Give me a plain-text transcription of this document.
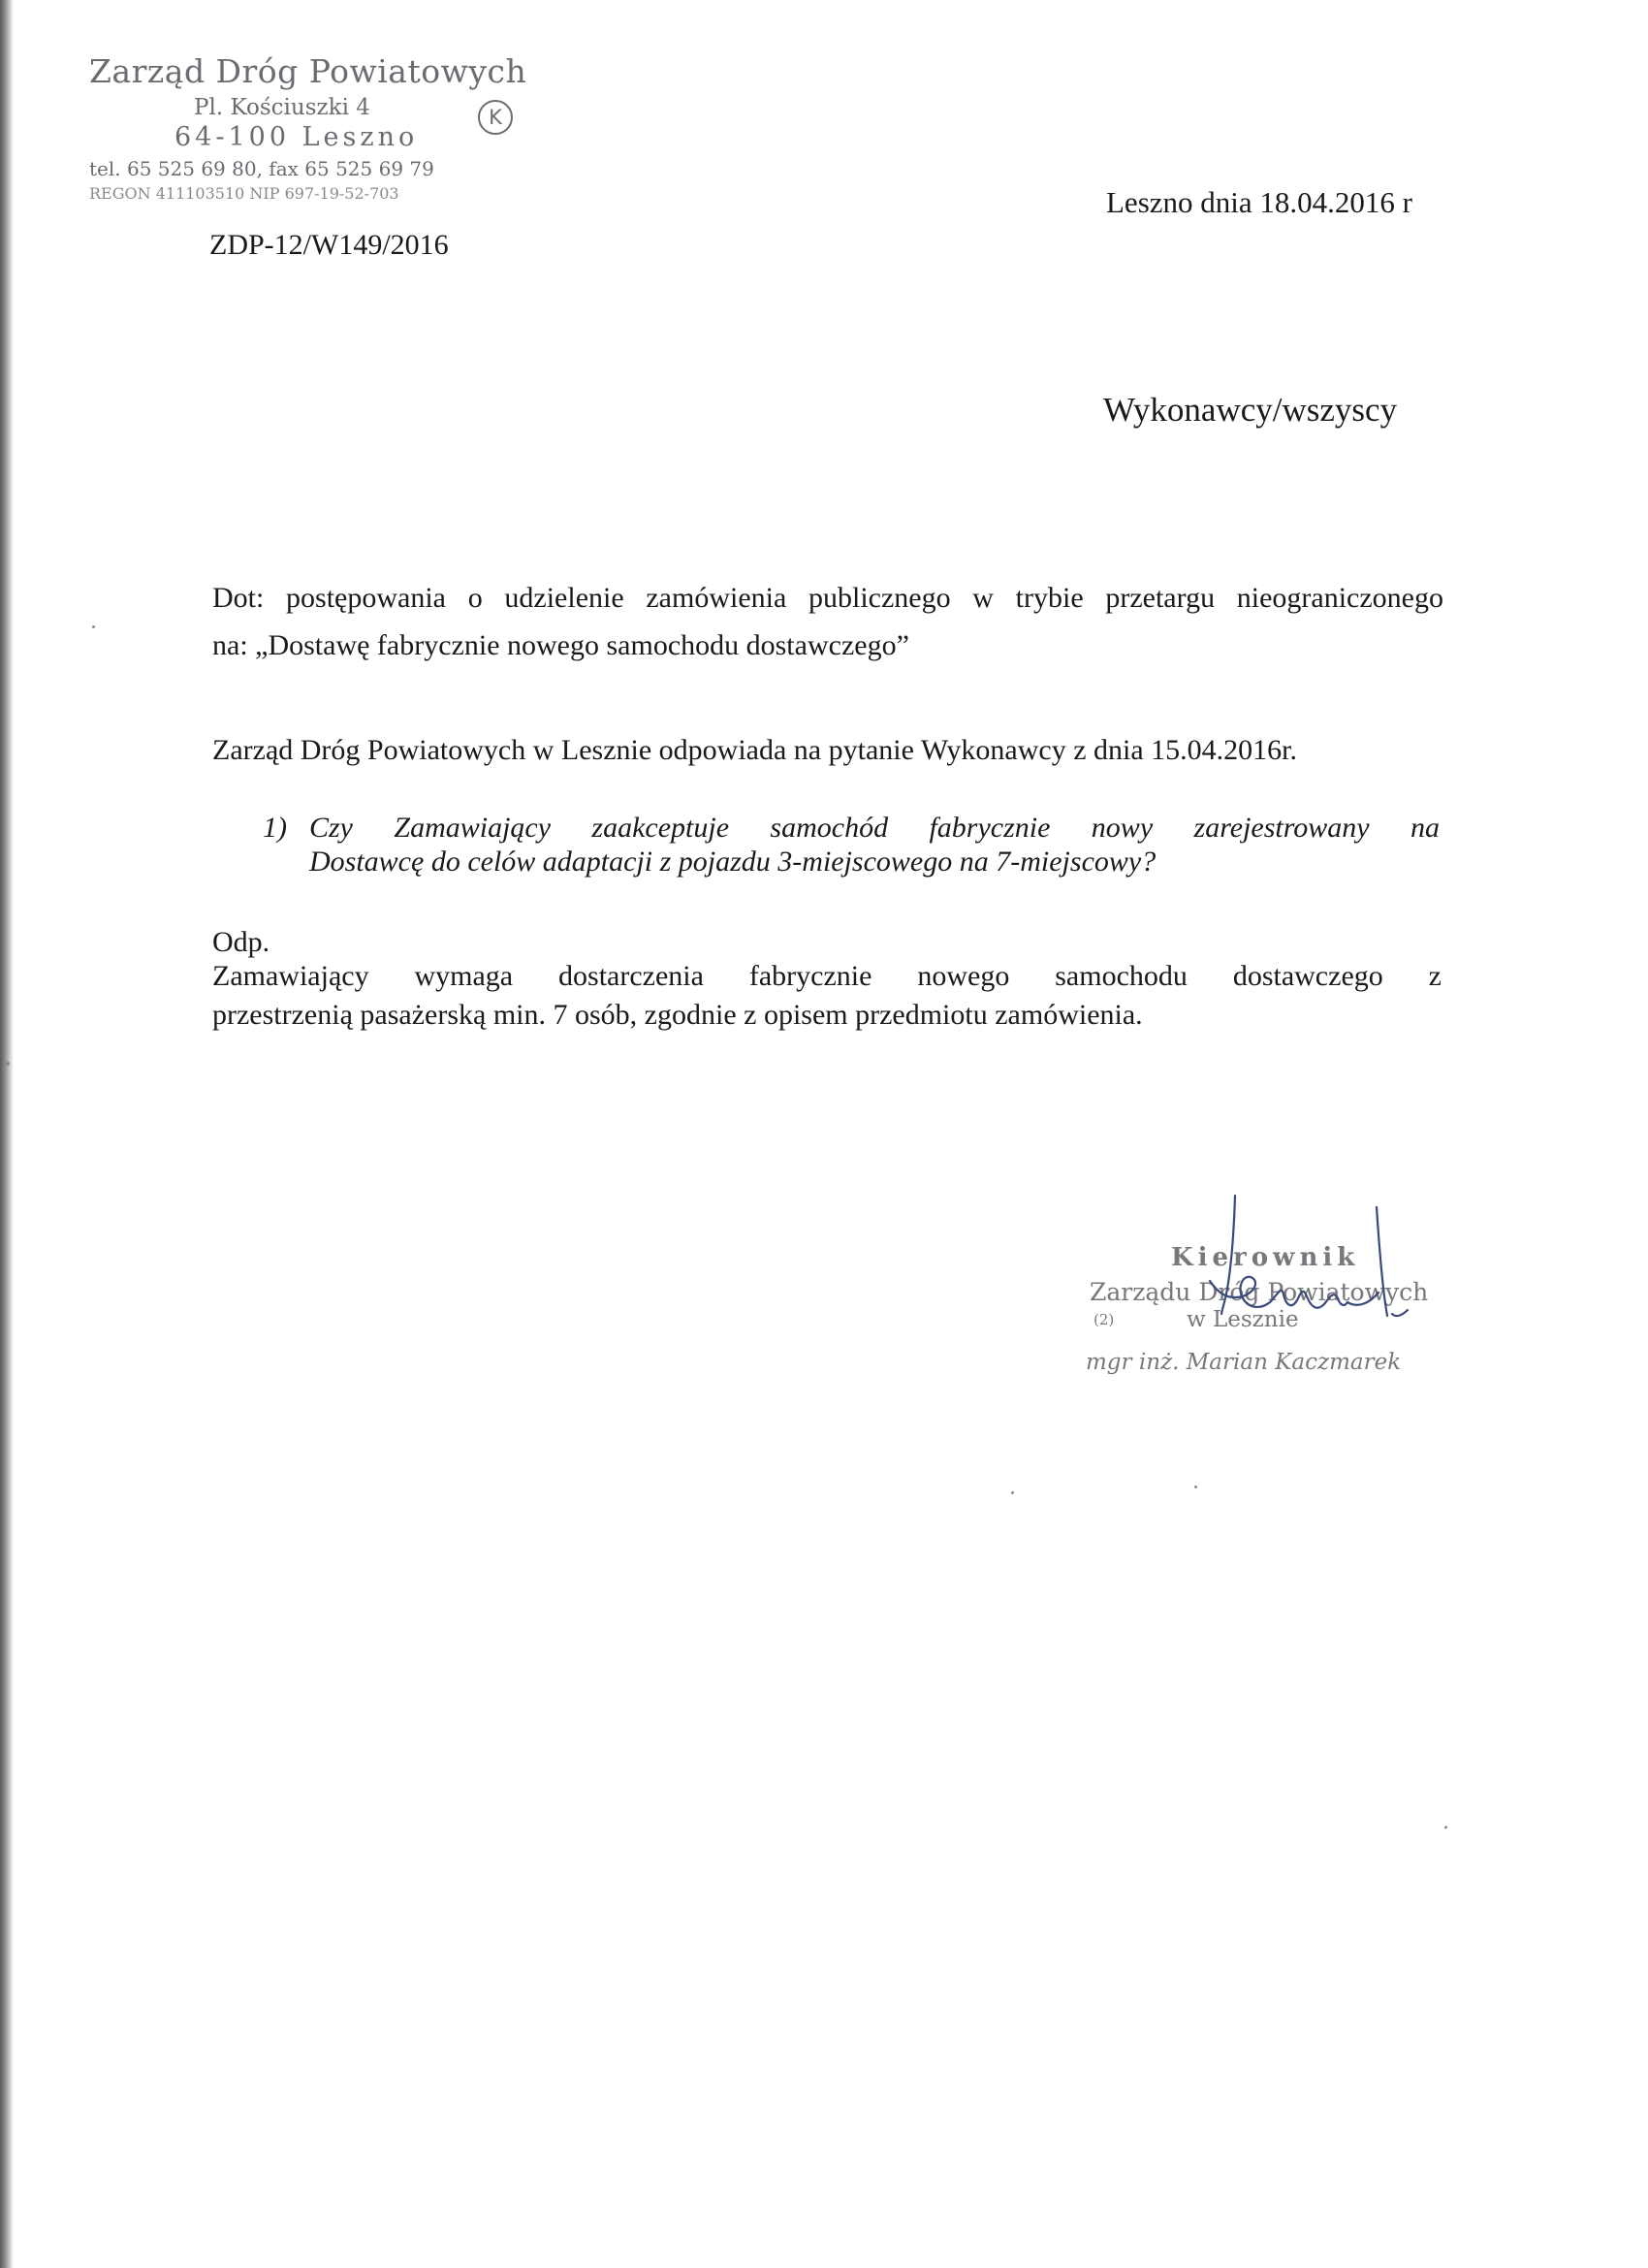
Zarząd Dróg Powiatowych
Pl. Kościuszki 4
64-100 Leszno
tel. 65 525 69 80, fax 65 525 69 79
REGON 411103510 NIP 697-19-52-703
K
ZDP-12/W149/2016
Leszno dnia 18.04.2016 r
Wykonawcy/wszyscy
Dot: postępowania o udzielenie zamówienia publicznego w trybie przetargu nieograniczonego
na: „Dostawę fabrycznie nowego samochodu dostawczego”
Zarząd Dróg Powiatowych w Lesznie odpowiada na pytanie Wykonawcy z dnia 15.04.2016r.
1) Czy Zamawiający zaakceptuje samochód fabrycznie nowy zarejestrowany na
Dostawcę do celów adaptacji z pojazdu 3-miejscowego na 7-miejscowy?
Odp.
Zamawiający wymaga dostarczenia fabrycznie nowego samochodu dostawczego z
przestrzenią pasażerską min. 7 osób, zgodnie z opisem przedmiotu zamówienia.
Kierownik
Zarządu Dróg Powiatowych
(2)	w Lesznie
mgr inż. Marian Kaczmarek
